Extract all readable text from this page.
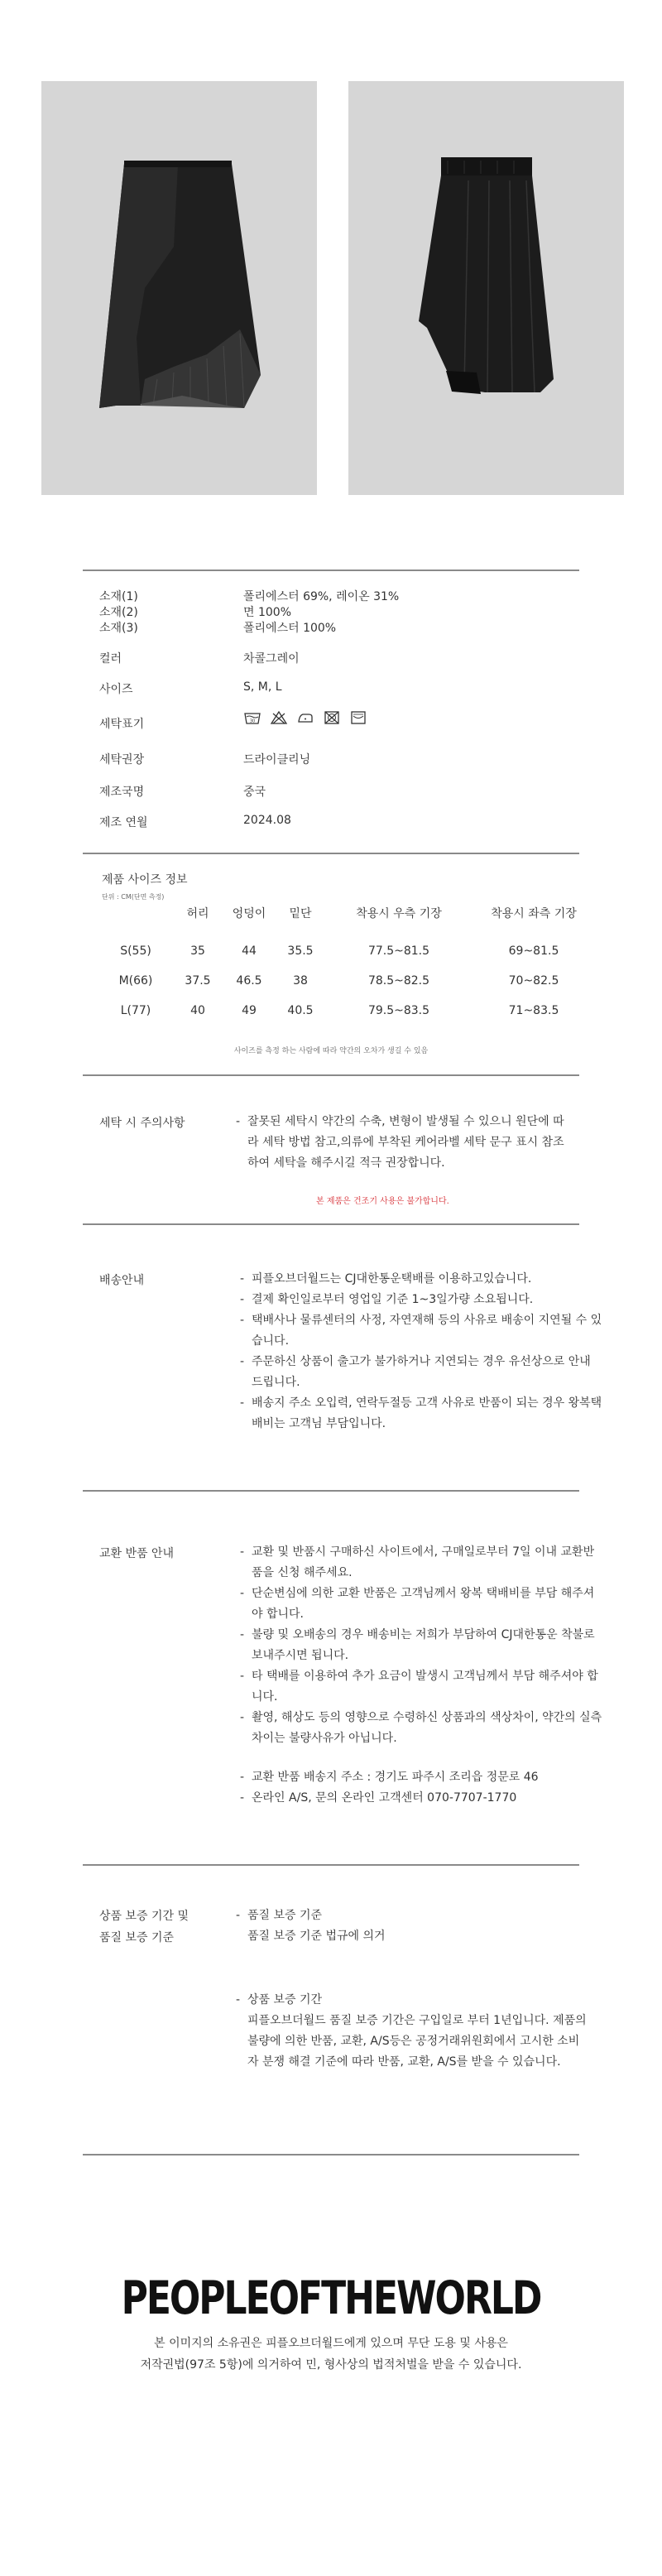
소재(1)	폴리에스터 69%, 레이온 31%
소재(2)	면 100%
소재(3)	폴리에스터 100%
컬러	차콜그레이
사이즈	S, M, L
세탁표기	30
세탁권장	드라이클리닝
제조국명	중국
제조 연월	2024.08
제품 사이즈 정보
단위 : CM(단면 측정)
	허리	엉덩이	밑단	착용시 우측 기장	착용시 좌측 기장

S(55)	35	44	35.5	77.5~81.5	69~81.5
M(66)	37.5	46.5	38	78.5~82.5	70~82.5
L(77)	40	49	40.5	79.5~83.5	71~83.5
사이즈를 측정 하는 사람에 따라 약간의 오차가 생길 수 있음
세탁 시 주의사항	- 잘못된 세탁시 약간의 수축, 변형이 발생될 수 있으니 원단에 따라 세탁 방법 참고,의류에 부착된 케어라벨 세탁 문구 표시 참조하여 세탁을 해주시길 적극 권장합니다.
본 제품은 건조기 사용은 불가합니다.
배송안내	- 피플오브더월드는 CJ대한통운택배를 이용하고있습니다.
- 결제 확인일로부터 영업일 기준 1~3일가량 소요됩니다.
- 택배사나 물류센터의 사정, 자연재해 등의 사유로 배송이 지연될 수 있습니다.
- 주문하신 상품이 출고가 불가하거나 지연되는 경우 유선상으로 안내 드립니다.
- 배송지 주소 오입력, 연락두절등 고객 사유로 반품이 되는 경우 왕복택배비는 고객님 부담입니다.
교환 반품 안내	- 교환 및 반품시 구매하신 사이트에서, 구매일로부터 7일 이내 교환반품을 신청 해주세요.
- 단순변심에 의한 교환 반품은 고객님께서 왕복 택배비를 부담 해주셔야 합니다.
- 불량 및 오배송의 경우 배송비는 저희가 부담하여 CJ대한통운 착불로 보내주시면 됩니다.
- 타 택배를 이용하여 추가 요금이 발생시 고객님께서 부담 해주셔야 합니다.
- 촬영, 해상도 등의 영향으로 수령하신 상품과의 색상차이, 약간의 실측 차이는 불량사유가 아닙니다.
- 교환 반품 배송지 주소 : 경기도 파주시 조리읍 정문로 46
- 온라인 A/S, 문의 온라인 고객센터 070-7707-1770
상품 보증 기간 및
품질 보증 기준
- 품질 보증 기준
품질 보증 기준 법규에 의거
- 상품 보증 기간
피플오브더월드 품질 보증 기간은 구입일로 부터 1년입니다. 제품의 불량에 의한 반품, 교환, A/S등은 공정거래위원회에서 고시한 소비자 분쟁 해결 기준에 따라 반품, 교환, A/S를 받을 수 있습니다.
PEOPLEOFTHEWORLD
본 이미지의 소유권은 피플오브더월드에게 있으며 무단 도용 및 사용은
저작권법(97조 5항)에 의거하여 민, 형사상의 법적처벌을 받을 수 있습니다.
